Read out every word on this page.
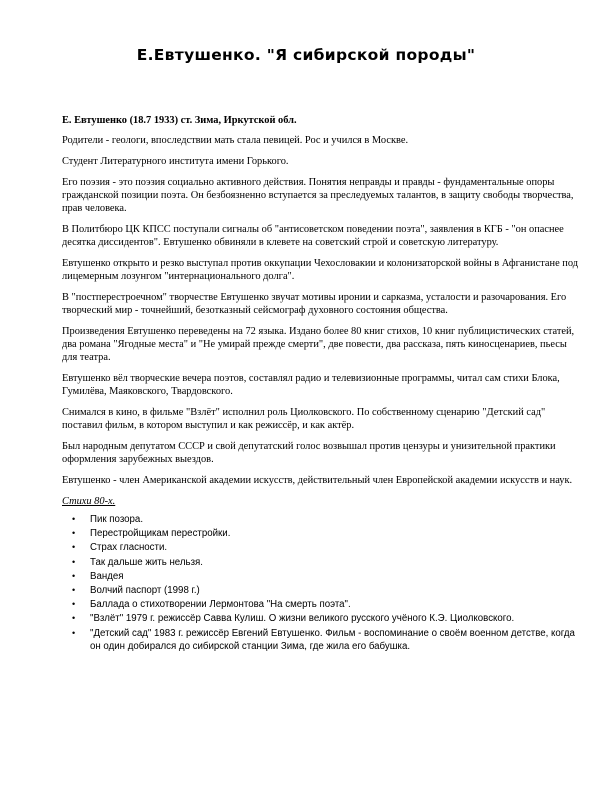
Е.Евтушенко. "Я сибирской породы"

Е. Евтушенко (18.7 1933) ст. Зима, Иркутской обл.

Родители - геологи, впоследствии мать стала певицей. Рос и учился в Москве.

Студент Литературного института имени Горького.

Его поэзия - это поэзия социально активного действия. Понятия неправды и правды - фундаментальные опоры гражданской позиции поэта. Он безбоязненно вступается за преследуемых талантов, в защиту свободы творчества, прав человека.

В Политбюро ЦК КПСС поступали сигналы об "антисоветском поведении поэта", заявления в КГБ - "он опаснее десятка диссидентов". Евтушенко обвиняли в клевете на советский строй и советскую литературу.

Евтушенко открыто и резко выступал против оккупации Чехословакии и колонизаторской войны в Афганистане под лицемерным лозунгом "интернационального долга".

В "постперестроечном" творчестве Евтушенко звучат мотивы иронии и сарказма, усталости и разочарования. Его творческий мир - точнейший, безотказный сейсмограф духовного состояния общества.

Произведения Евтушенко переведены на 72 языка. Издано более 80 книг стихов, 10 книг публицистических статей, два романа "Ягодные места" и "Не умирай прежде смерти", две повести, два рассказа, пять киносценариев, пьесы для театра.

Евтушенко вёл творческие вечера поэтов, составлял радио и телевизионные программы, читал сам стихи Блока, Гумилёва, Маяковского, Твардовского.

Снимался в кино, в фильме "Взлёт" исполнил роль Циолковского. По собственному сценарию "Детский сад" поставил фильм, в котором выступил и как режиссёр, и как актёр.

Был народным депутатом СССР и свой депутатский голос возвышал против цензуры и унизительной практики оформления зарубежных выездов.

Евтушенко - член Американской академии искусств, действительный член Европейской академии искусств и наук.

Стихи 80-х.
• Пик позора.
• Перестройщикам перестройки.
• Страх гласности.
• Так дальше жить нельзя.
• Вандея
• Волчий паспорт (1998 г.)
• Баллада о стихотворении Лермонтова "На смерть поэта".
• "Взлёт" 1979 г. режиссёр Савва Кулиш. О жизни великого русского учёного К.Э. Циолковского.
• "Детский сад" 1983 г. режиссёр Евгений Евтушенко. Фильм - воспоминание о своём военном детстве, когда он один добирался до сибирской станции Зима, где жила его бабушка.
